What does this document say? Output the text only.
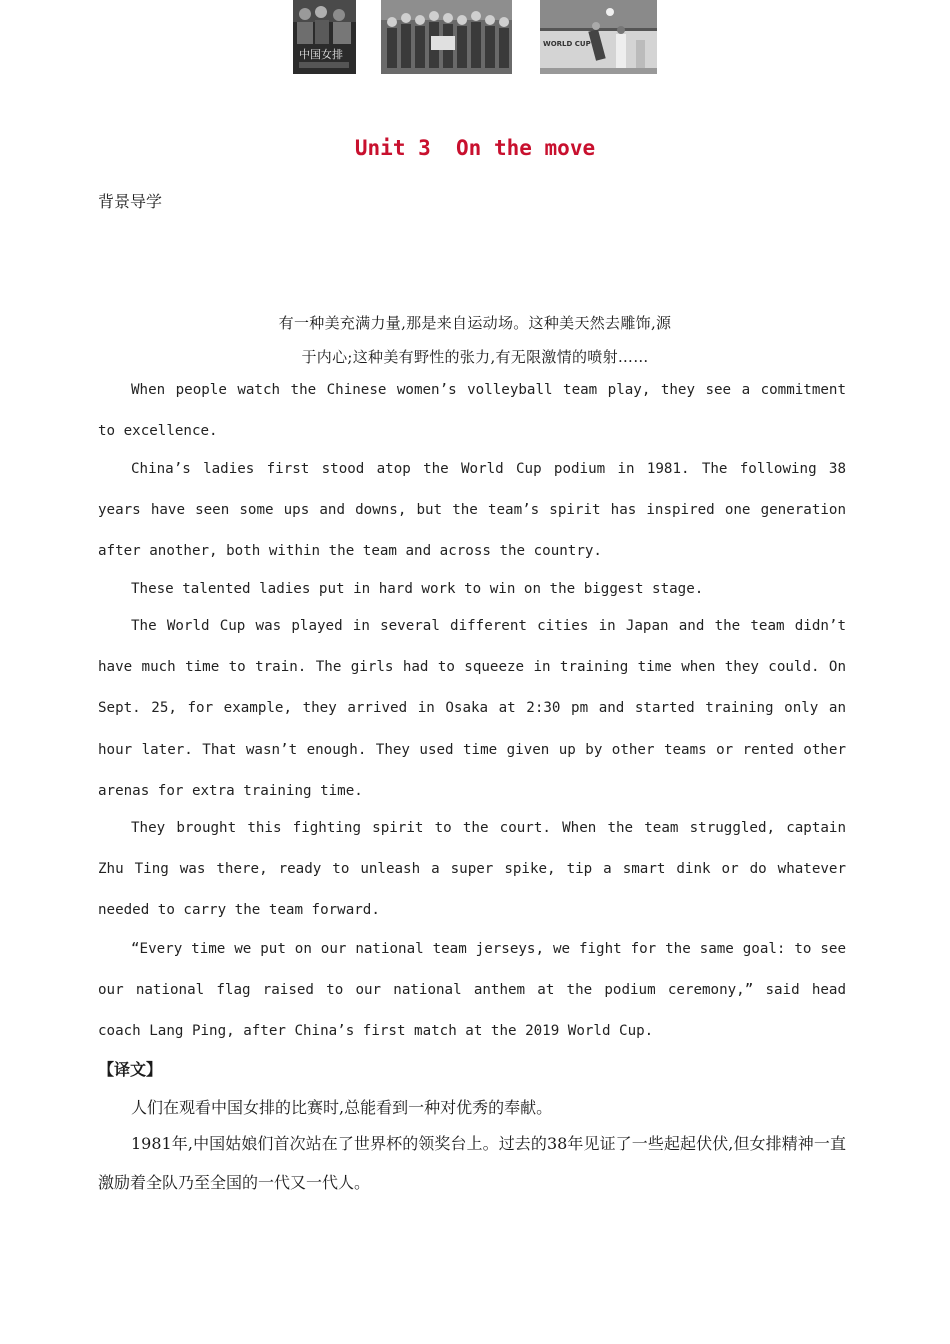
Unit 3  On the move
背景导学
中国女排
WORLD CUP
有一种美充满力量,那是来自运动场。这种美天然去雕饰,源
于内心;这种美有野性的张力,有无限激情的喷射……
When people watch the Chinese women’s volleyball team play, they see a commitment to excellence.
China’s ladies first stood atop the World Cup podium in 1981. The following 38 years have seen some ups and downs, but the team’s spirit has inspired one generation after another, both within the team and across the country.
These talented ladies put in hard work to win on the biggest stage.
The World Cup was played in several different cities in Japan and the team didn’t have much time to train. The girls had to squeeze in training time when they could. On Sept. 25, for example, they arrived in Osaka at 2:30 pm and started training only an hour later. That wasn’t enough. They used time given up by other teams or rented other arenas for extra training time.
They brought this fighting spirit to the court. When the team struggled, captain Zhu Ting was there, ready to unleash a super spike, tip a smart dink or do whatever needed to carry the team forward.
“Every time we put on our national team jerseys, we fight for the same goal: to see our national flag raised to our national anthem at the podium ceremony,” said head coach Lang Ping, after China’s first match at the 2019 World Cup.
【译文】
人们在观看中国女排的比赛时,总能看到一种对优秀的奉献。
1981年,中国姑娘们首次站在了世界杯的领奖台上。过去的38年见证了一些起起伏伏,但女排精神一直激励着全队乃至全国的一代又一代人。
